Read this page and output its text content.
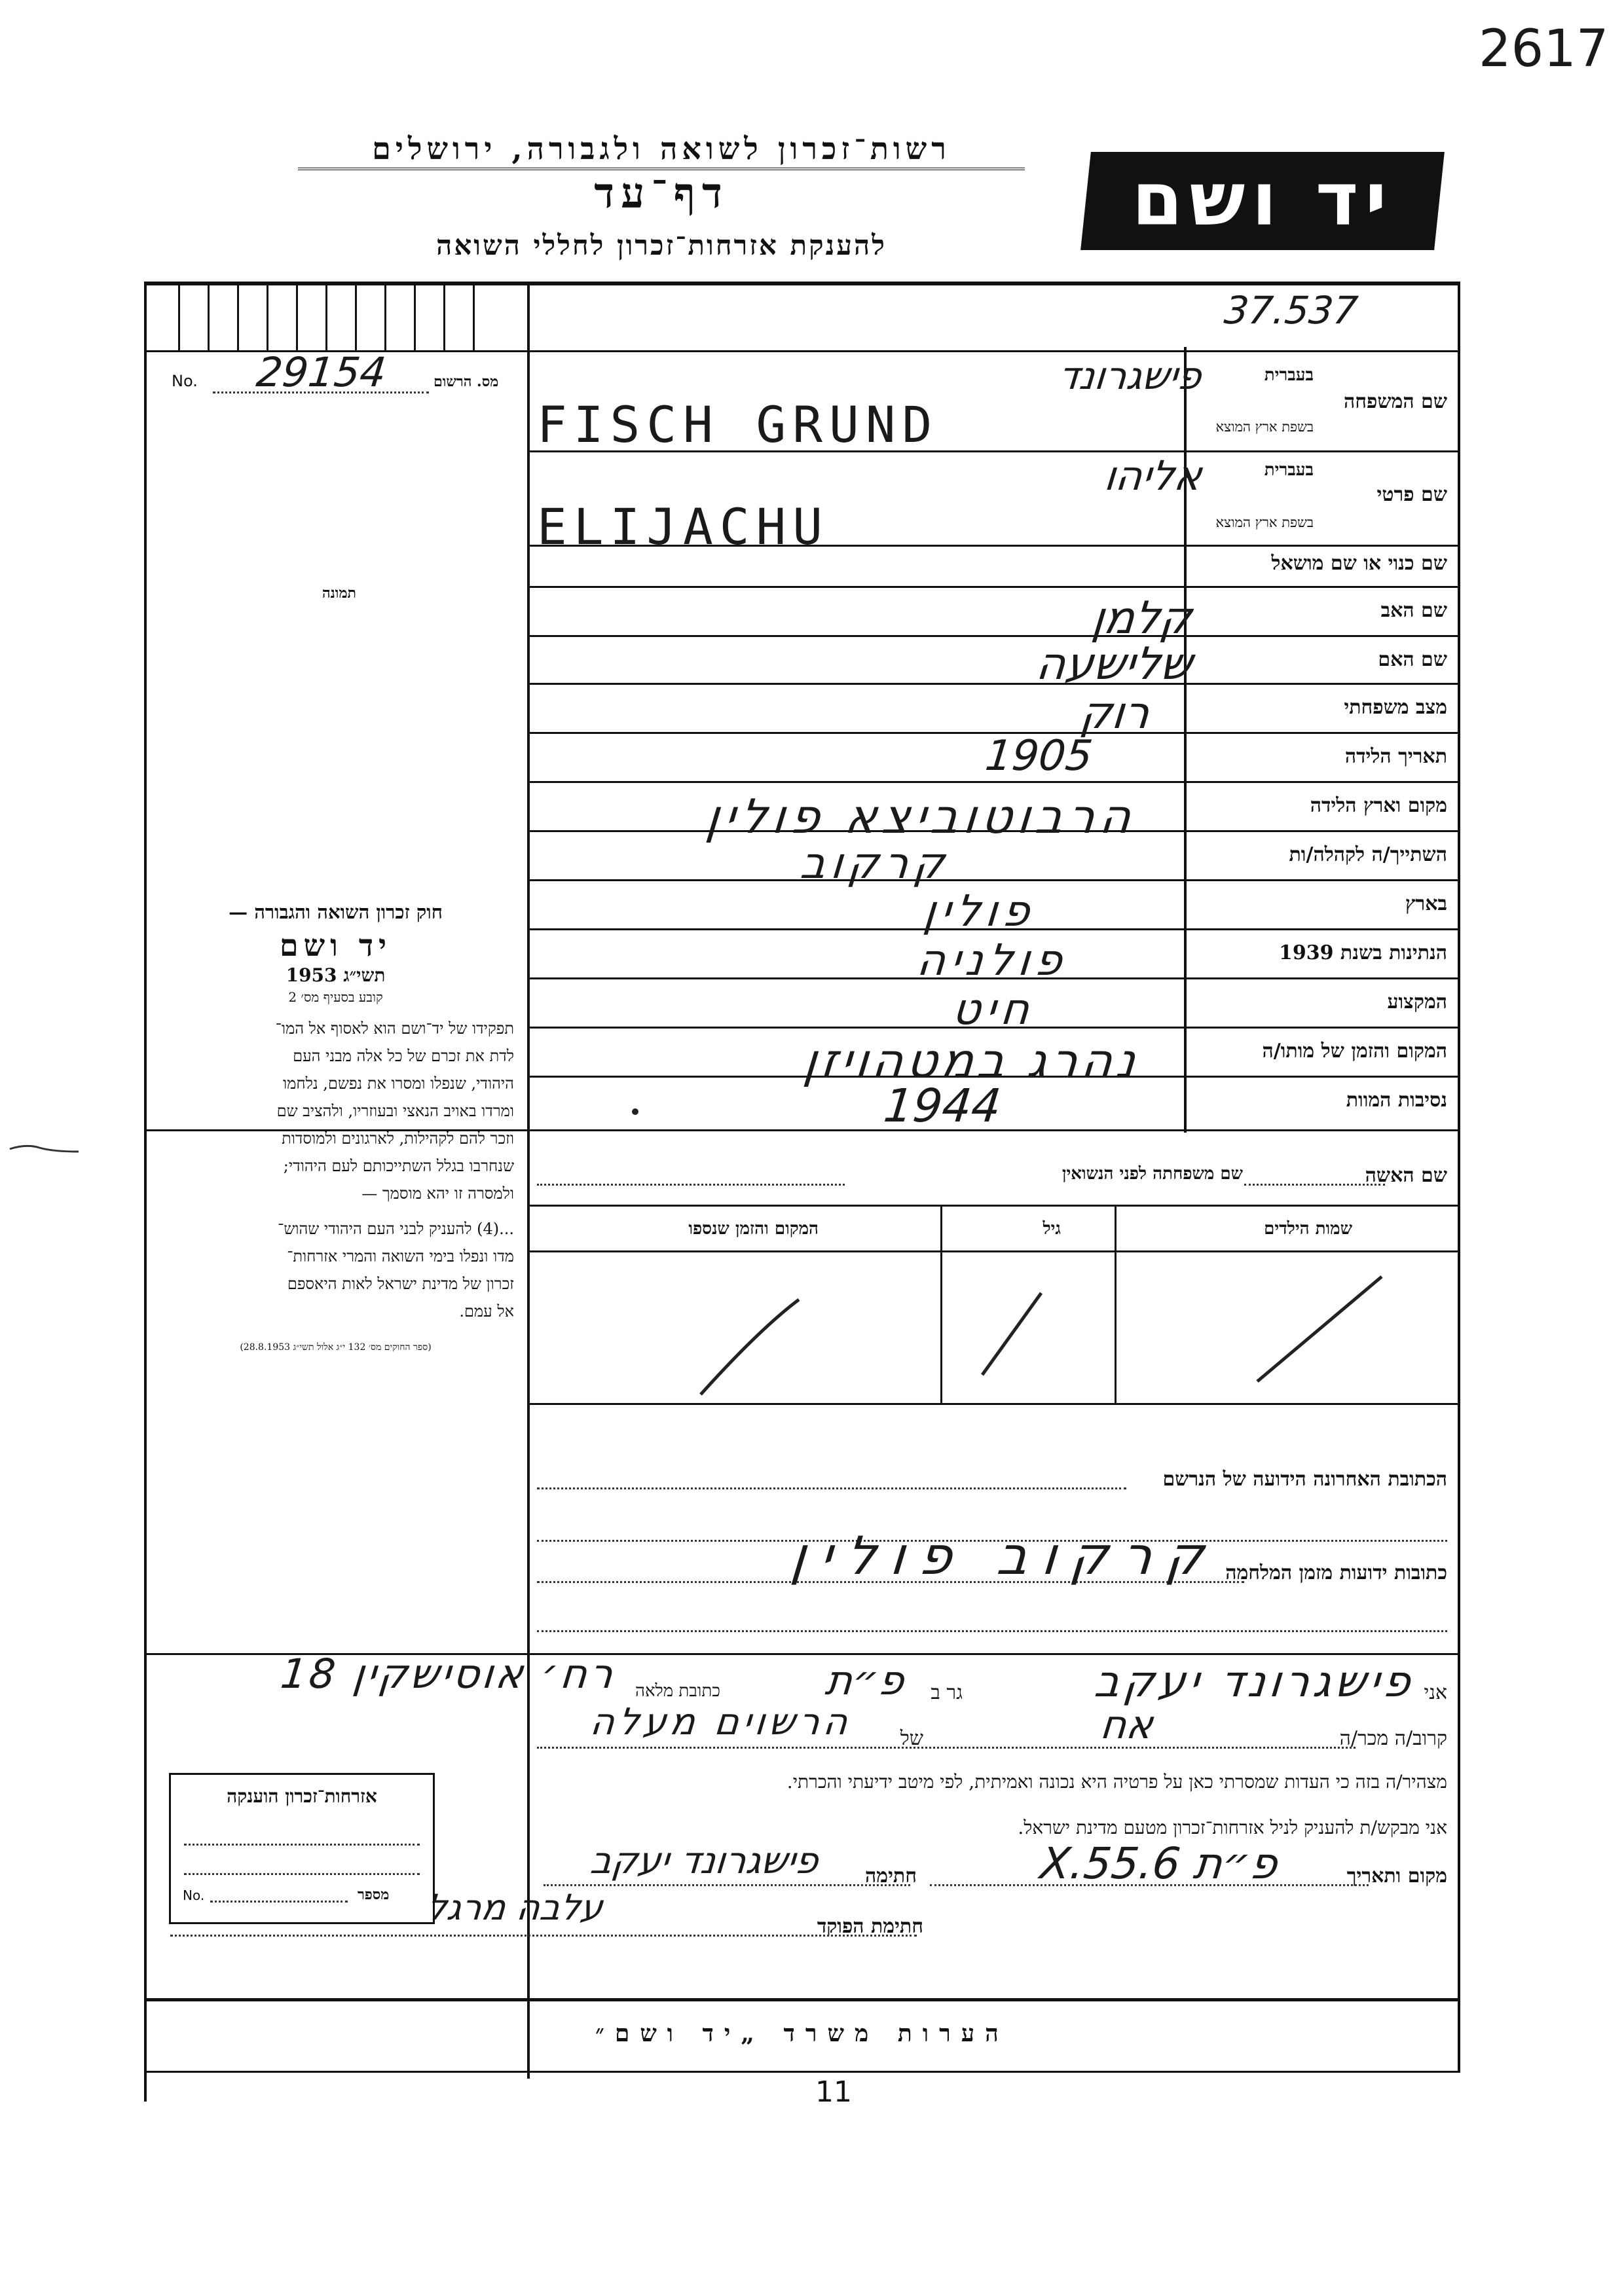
2617
רשות־זכרון לשואה ולגבורה, ירושלים
דף־עד
להענקת אזרחות־זכרון לחללי השואה
יד ושם
37.537
No.	מס. הרשום
29154
תמונה
שם המשפחה
בעברית
בשפת ארץ המוצא
שם פרטי
בעברית
בשפת ארץ המוצא
שם כנוי או שם מושאל
שם האב
שם האם
מצב משפחתי
תאריך הלידה
מקום וארץ הלידה
השתייך/ה לקהלה/ות
בארץ
הנתינות בשנת 1939
המקצוע
המקום והזמן של מותו/ה
נסיבות המוות
פישגרונד
FISCH GRUND
אליהו
ELIJACHU
קלמן
שלישעה
רוק
1905
הרבוטוביצא פולין
קרקוב
פולין
פולניה
חיט
נהרג במטהויזן
1944
שם האשה
שם משפחתה לפני הנשואין
שמות הילדים
גיל
המקום והזמן שנספו
חוק זכרון השואה והגבורה —
יד ושם
תשי״ג 1953
קובע בסעיף מס׳ 2
תפקידו של יד־ושם הוא לאסוף אל המו־
לדת את זכרם של כל אלה מבני העם
היהודי, שנפלו ומסרו את נפשם, נלחמו
ומרדו באויב הנאצי ובעוזריו, ולהציב שם
וזכר להם לקהילות, לארגונים ולמוסדות
שנחרבו בגלל השתייכותם לעם היהודי;
ולמסרה זו יהא מוסמך —
...(4) להעניק לבני העם היהודי שהוש־
מדו ונפלו בימי השואה והמרי אזרחות־
זכרון של מדינת ישראל לאות היאספם
אל עמם.
(ספר החוקים מס׳ 132 י״ג אלול תשי״ג 28.8.1953)
הכתובת האחרונה הידועה של הנרשם
כתובות ידועות מזמן המלחמה
קרקוב פולין
אני
פישגרונד יעקב
גר ב
פ״ת
כתובת מלאה
רח׳ אוסישקין 18
קרוב/ה מכר/ה
אח
של
הרשוים מעלה
מצהיר/ה בזה כי העדות שמסרתי כאן על פרטיה היא נכונה ואמיתית, לפי מיטב ידיעתי והכרתי.
אני מבקש/ת להעניק לניל אזרחות־זכרון מטעם מדינת ישראל.
מקום ותאריך
פ״ת 6.X.55
חתימה
פישגרונד יעקב
חתימת הפוקד
עלבה מרגל
אזרחות־זכרון הוענקה
No.	מספר
הערות משרד „יד ושם״
11
